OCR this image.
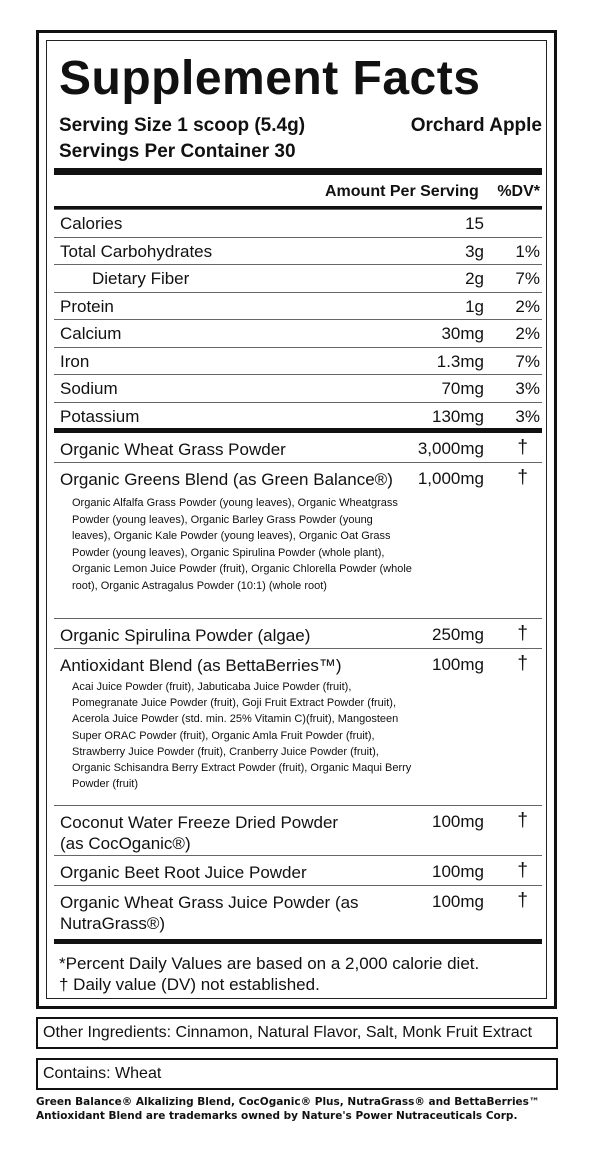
Supplement Facts
Serving Size 1 scoop (5.4g)
Servings Per Container 30
Orchard Apple
Amount Per Serving %DV*
Calories	15
Total Carbohydrates	3g 1%
Dietary Fiber	2g 7%
Protein	1g 2%
Calcium	30mg 2%
Iron	1.3mg 7%
Sodium	70mg 3%
Potassium	130mg 3%
Organic Wheat Grass Powder	3,000mg †
Organic Greens Blend (as Green Balance®) 1,000mg †
Organic Alfalfa Grass Powder (young leaves), Organic Wheatgrass Powder (young leaves), Organic Barley Grass Powder (young leaves), Organic Kale Powder (young leaves), Organic Oat Grass Powder (young leaves), Organic Spirulina Powder (whole plant), Organic Lemon Juice Powder (fruit), Organic Chlorella Powder (whole root), Organic Astragalus Powder (10:1) (whole root)
Organic Spirulina Powder (algae)	250mg †
Antioxidant Blend (as BettaBerries™)	100mg †
Acai Juice Powder (fruit), Jabuticaba Juice Powder (fruit), Pomegranate Juice Powder (fruit), Goji Fruit Extract Powder (fruit), Acerola Juice Powder (std. min. 25% Vitamin C)(fruit), Mangosteen Super ORAC Powder (fruit), Organic Amla Fruit Powder (fruit), Strawberry Juice Powder (fruit), Cranberry Juice Powder (fruit), Organic Schisandra Berry Extract Powder (fruit), Organic Maqui Berry Powder (fruit)
Coconut Water Freeze Dried Powder (as CocOganic®)
100mg †
Organic Beet Root Juice Powder	100mg †
Organic Wheat Grass Juice Powder (as NutraGrass®)
100mg †
*Percent Daily Values are based on a 2,000 calorie diet.
† Daily value (DV) not established.
Other Ingredients: Cinnamon, Natural Flavor, Salt, Monk Fruit Extract
Contains: Wheat
Green Balance® Alkalizing Blend, CocOganic® Plus, NutraGrass® and BettaBerries™ Antioxidant Blend are trademarks owned by Nature's Power Nutraceuticals Corp.
